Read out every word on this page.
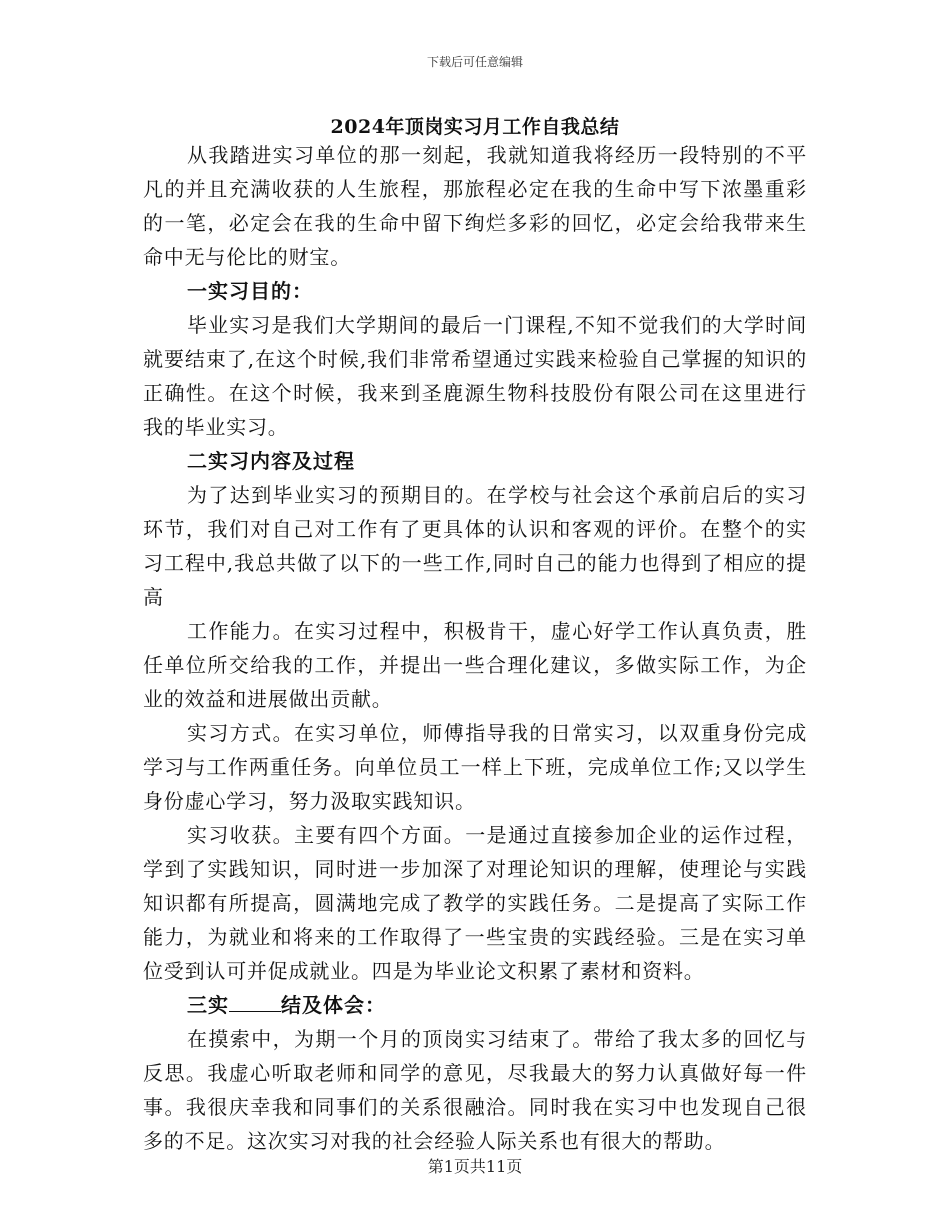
下载后可任意编辑
2024年顶岗实习月工作自我总结

从我踏进实习单位的那一刻起，我就知道我将经历一段特别的不平凡的并且充满收获的人生旅程，那旅程必定在我的生命中写下浓墨重彩的一笔，必定会在我的生命中留下绚烂多彩的回忆，必定会给我带来生命中无与伦比的财宝。

一实习目的：

毕业实习是我们大学期间的最后一门课程,不知不觉我们的大学时间就要结束了,在这个时候,我们非常希望通过实践来检验自己掌握的知识的正确性。在这个时候，我来到圣鹿源生物科技股份有限公司在这里进行我的毕业实习。

二实习内容及过程

为了达到毕业实习的预期目的。在学校与社会这个承前启后的实习环节，我们对自己对工作有了更具体的认识和客观的评价。在整个的实习工程中,我总共做了以下的一些工作,同时自己的能力也得到了相应的提高

工作能力。在实习过程中，积极肯干，虚心好学工作认真负责，胜任单位所交给我的工作，并提出一些合理化建议，多做实际工作，为企业的效益和进展做出贡献。

实习方式。在实习单位，师傅指导我的日常实习，以双重身份完成学习与工作两重任务。向单位员工一样上下班，完成单位工作;又以学生身份虚心学习，努力汲取实践知识。

实习收获。主要有四个方面。一是通过直接参加企业的运作过程，学到了实践知识，同时进一步加深了对理论知识的理解，使理论与实践知识都有所提高，圆满地完成了教学的实践任务。二是提高了实际工作能力，为就业和将来的工作取得了一些宝贵的实践经验。三是在实习单位受到认可并促成就业。四是为毕业论文积累了素材和资料。

三实	结及体会：

在摸索中，为期一个月的顶岗实习结束了。带给了我太多的回忆与反思。我虚心听取老师和同学的意见，尽我最大的努力认真做好每一件事。我很庆幸我和同事们的关系很融洽。同时我在实习中也发现自己很多的不足。这次实习对我的社会经验人际关系也有很大的帮助。

第1页共11页
